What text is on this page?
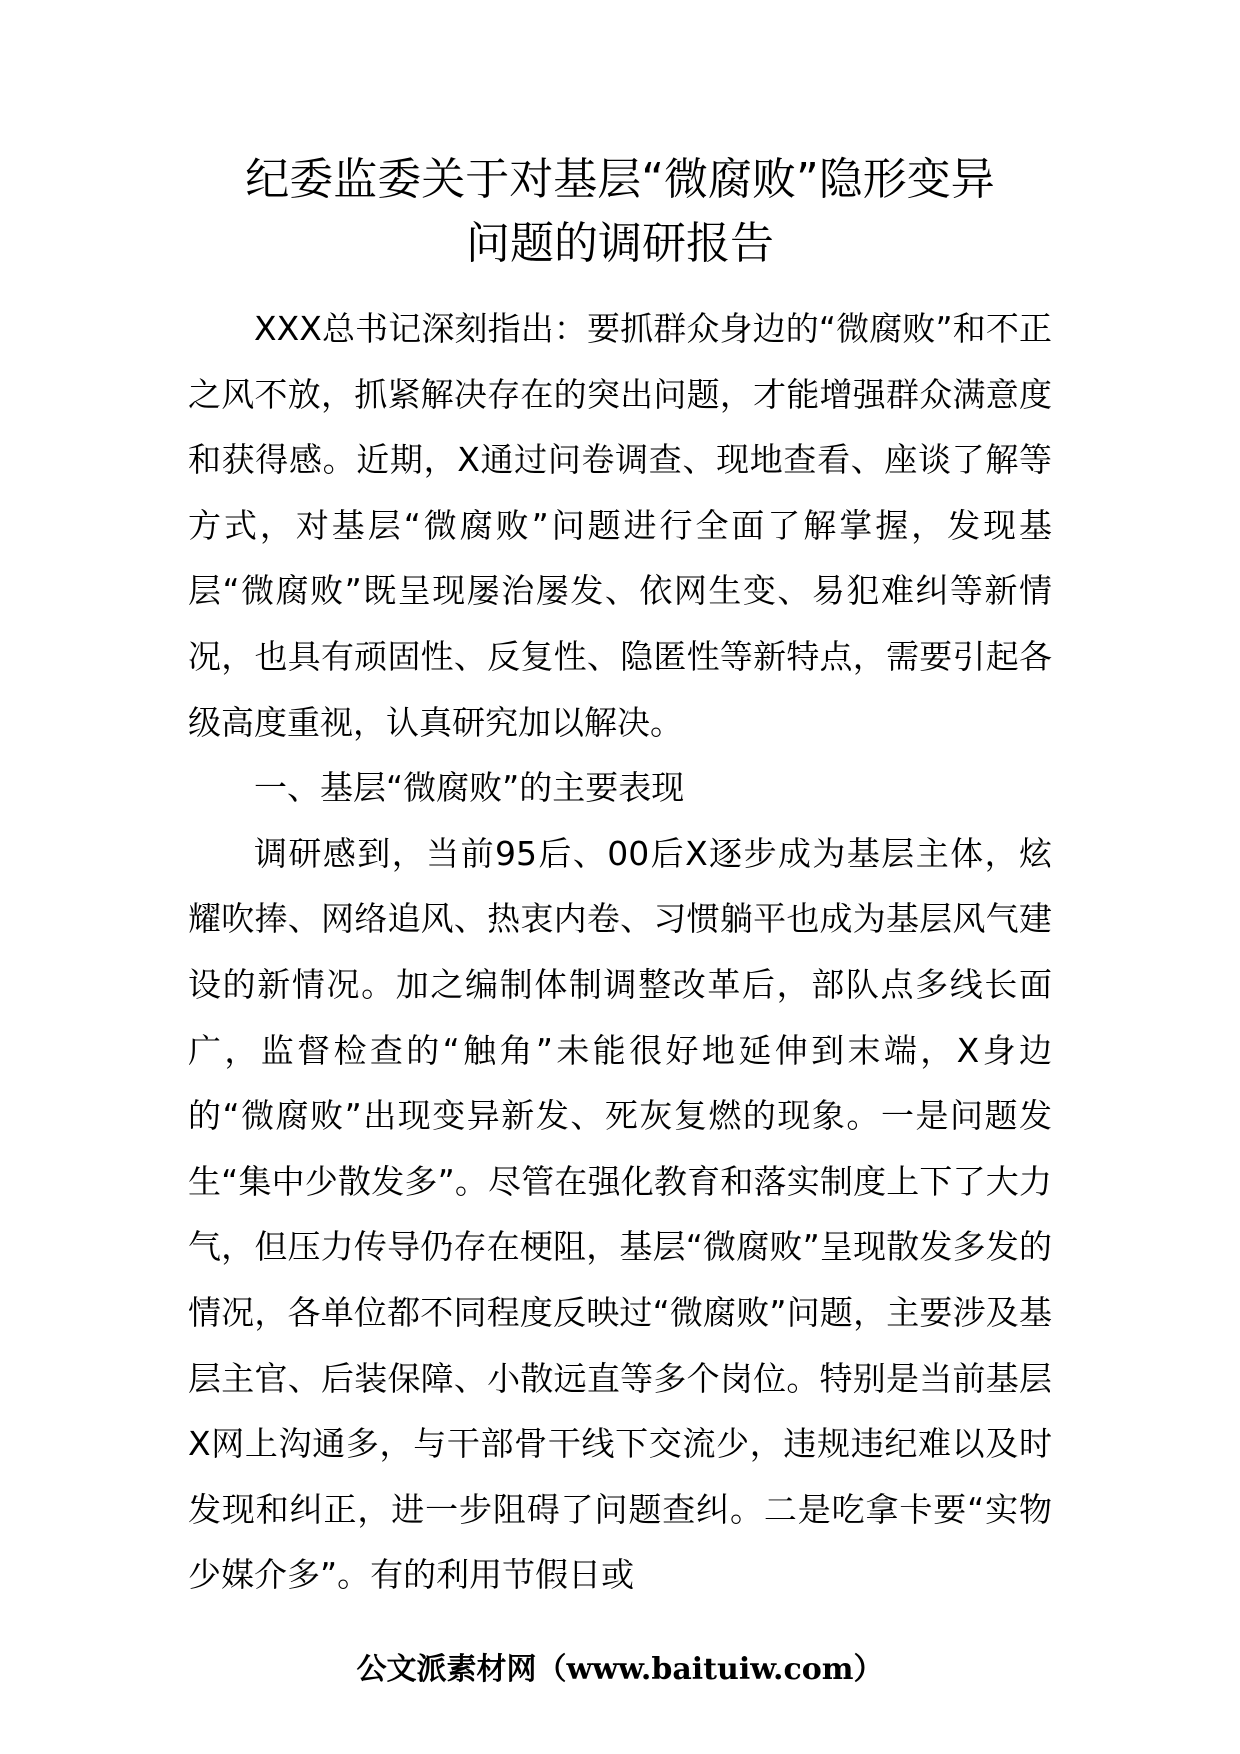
纪委监委关于对基层“微腐败”隐形变异
问题的调研报告

XXX总书记深刻指出：要抓群众身边的“微腐败”和不正之风不放，抓紧解决存在的突出问题，才能增强群众满意度和获得感。近期，X通过问卷调查、现地查看、座谈了解等方式，对基层“微腐败”问题进行全面了解掌握，发现基层“微腐败”既呈现屡治屡发、依网生变、易犯难纠等新情况，也具有顽固性、反复性、隐匿性等新特点，需要引起各级高度重视，认真研究加以解决。

一、基层“微腐败”的主要表现

调研感到，当前95后、00后X逐步成为基层主体，炫耀吹捧、网络追风、热衷内卷、习惯躺平也成为基层风气建设的新情况。加之编制体制调整改革后，部队点多线长面广，监督检查的“触角”未能很好地延伸到末端，X身边的“微腐败”出现变异新发、死灰复燃的现象。一是问题发生“集中少散发多”。尽管在强化教育和落实制度上下了大力气，但压力传导仍存在梗阻，基层“微腐败”呈现散发多发的情况，各单位都不同程度反映过“微腐败”问题，主要涉及基层主官、后装保障、小散远直等多个岗位。特别是当前基层X网上沟通多，与干部骨干线下交流少，违规违纪难以及时发现和纠正，进一步阻碍了问题查纠。二是吃拿卡要“实物少媒介多”。有的利用节假日或

公文派素材网（www.baituiw.com）
